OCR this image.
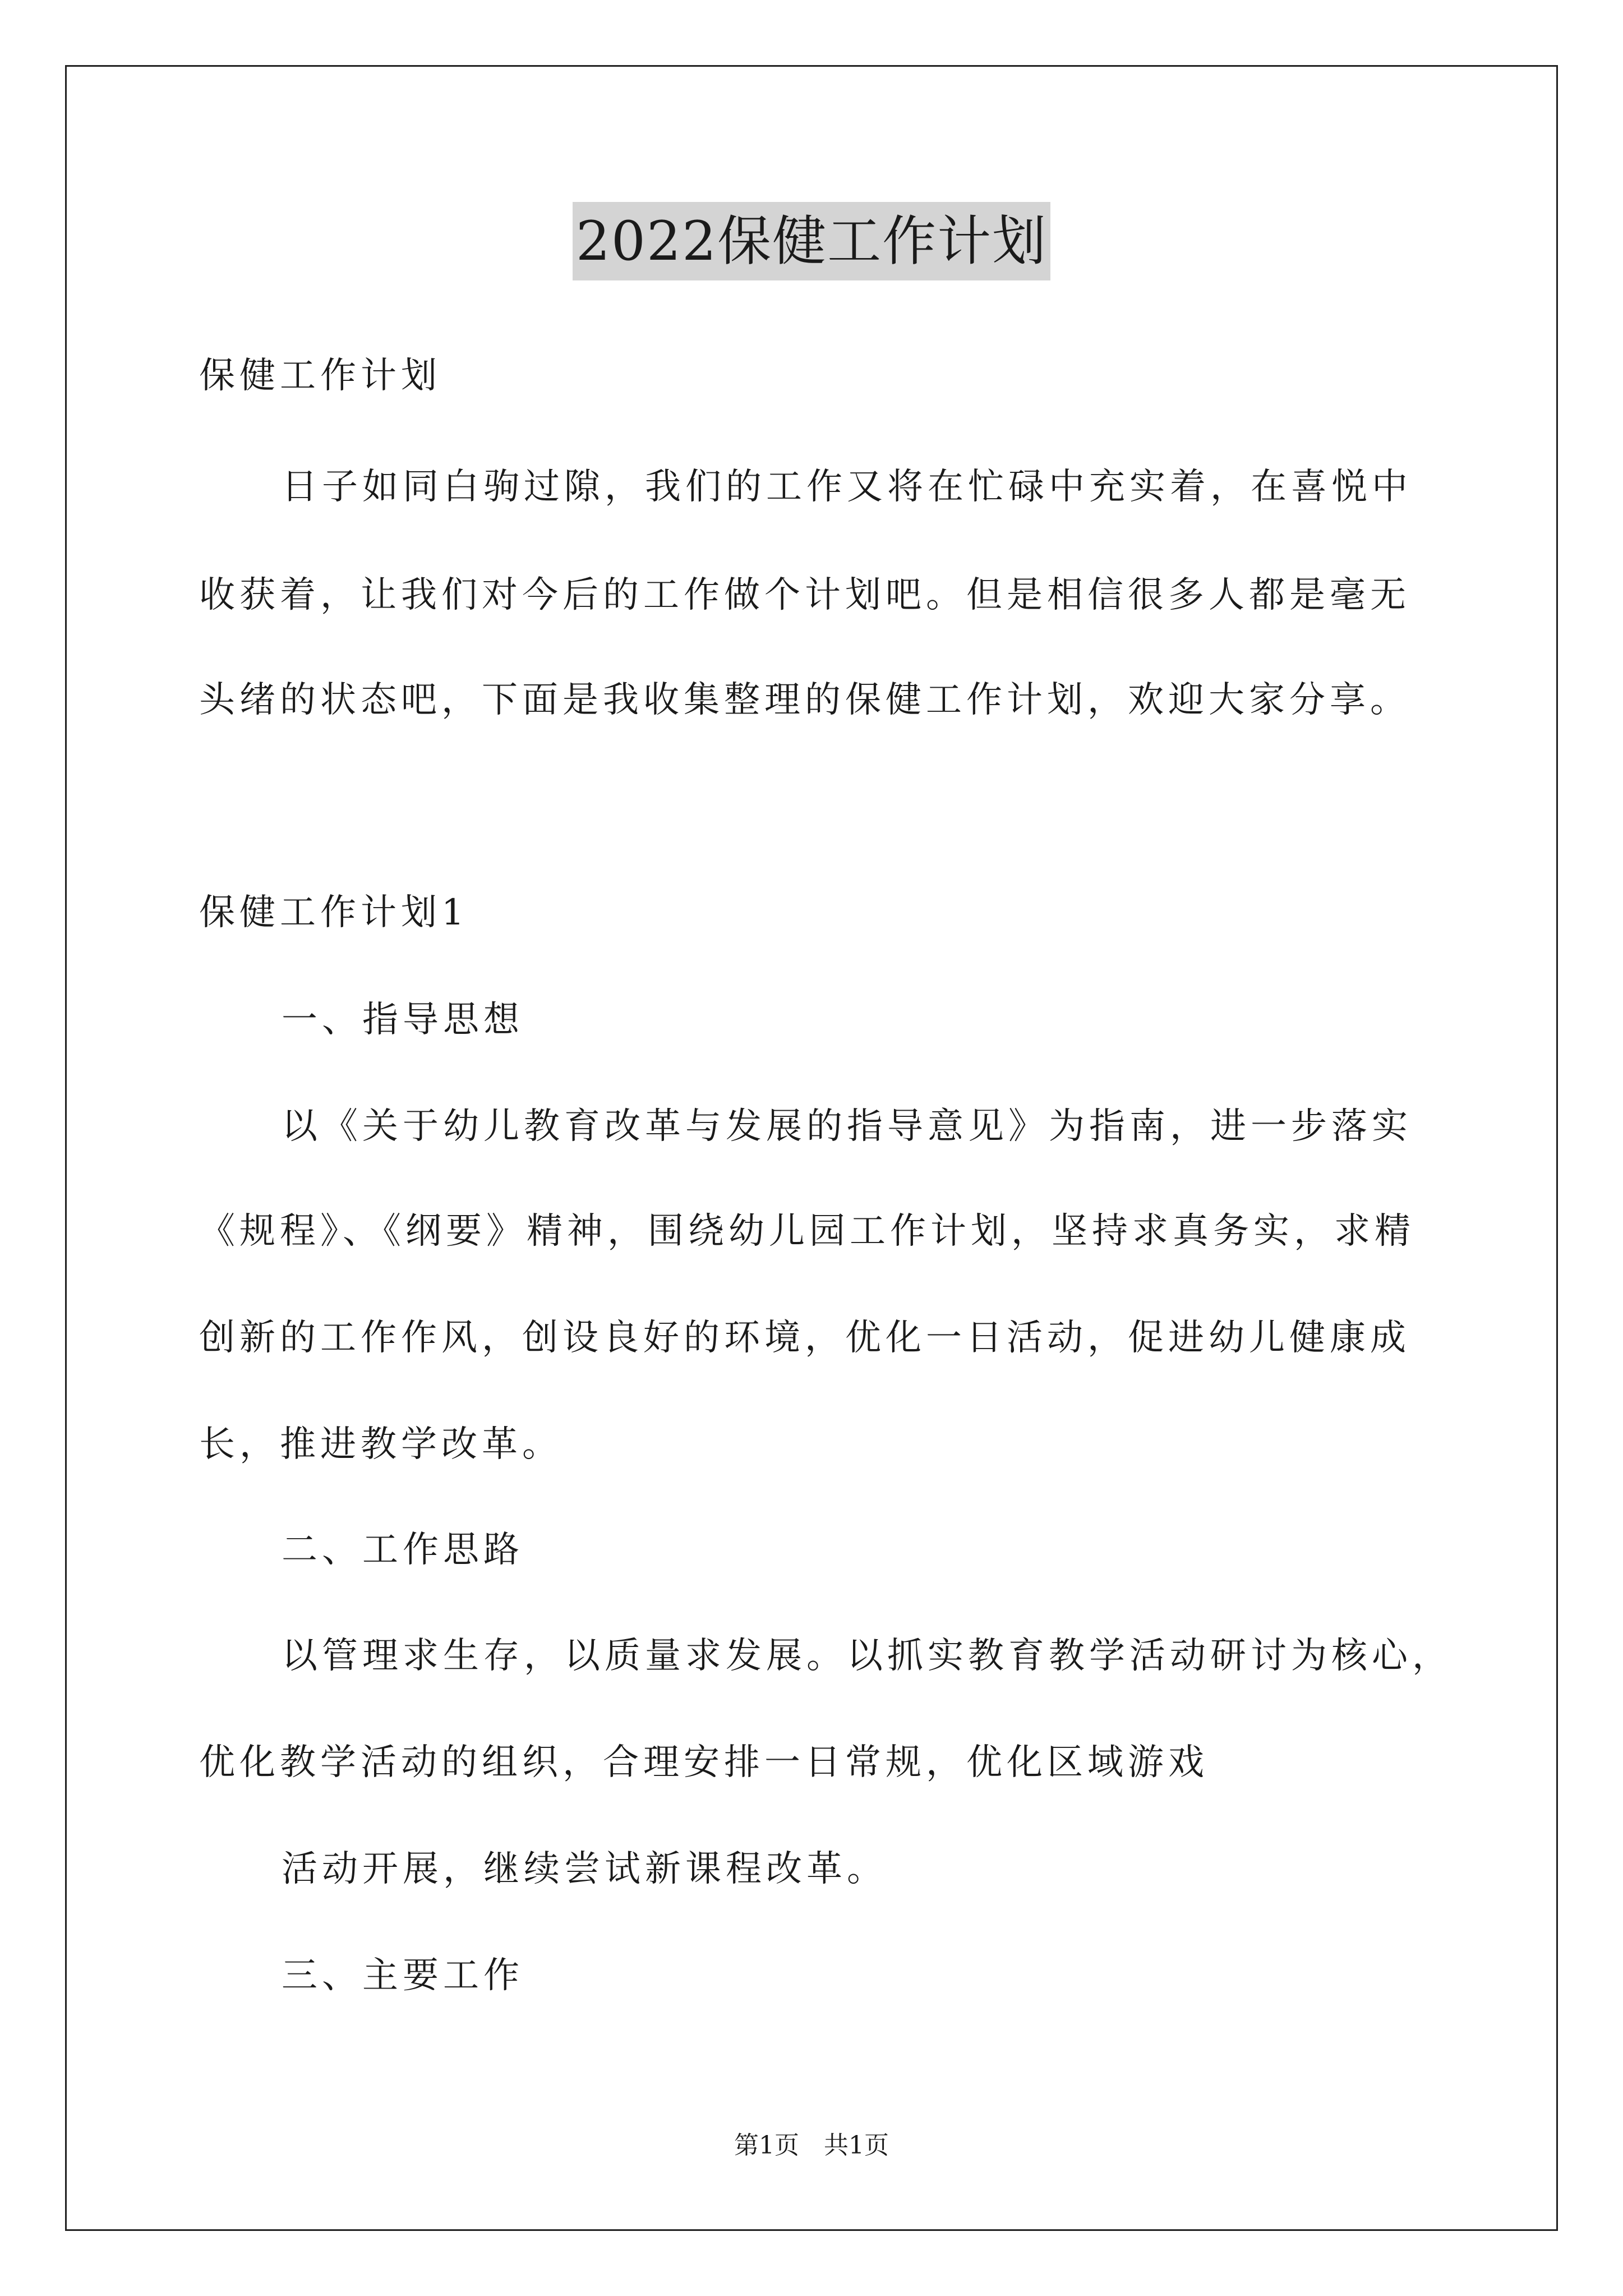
2022保健工作计划
保健工作计划
日子如同白驹过隙，我们的工作又将在忙碌中充实着，在喜悦中
收获着，让我们对今后的工作做个计划吧。但是相信很多人都是毫无
头绪的状态吧，下面是我收集整理的保健工作计划，欢迎大家分享。
保健工作计划1
一、指导思想
以《关于幼儿教育改革与发展的指导意见》为指南，进一步落实
《规程》、《纲要》精神，围绕幼儿园工作计划，坚持求真务实，求精
创新的工作作风，创设良好的环境，优化一日活动，促进幼儿健康成
长，推进教学改革。
二、工作思路
以管理求生存，以质量求发展。以抓实教育教学活动研讨为核心，
优化教学活动的组织，合理安排一日常规，优化区域游戏
活动开展，继续尝试新课程改革。
三、主要工作
第1页　共1页
